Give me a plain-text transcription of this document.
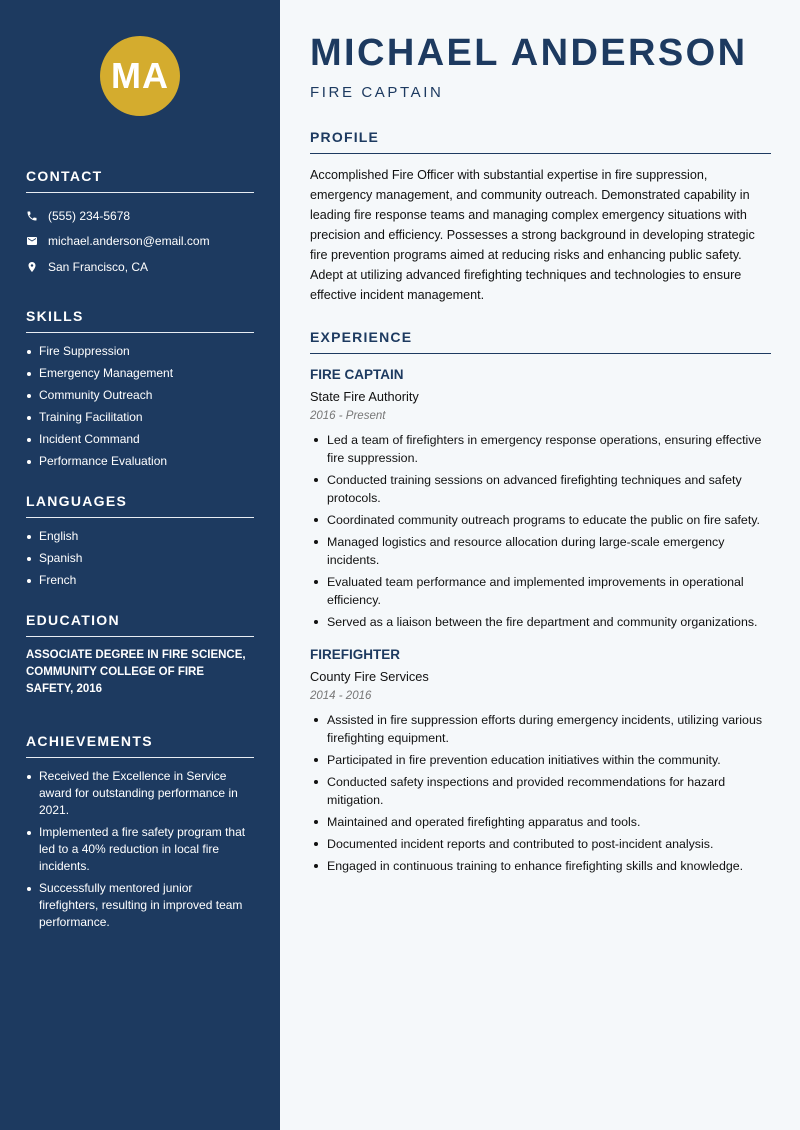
MA
CONTACT
(555) 234-5678
michael.anderson@email.com
San Francisco, CA
SKILLS
Fire Suppression
Emergency Management
Community Outreach
Training Facilitation
Incident Command
Performance Evaluation
LANGUAGES
English
Spanish
French
EDUCATION

ASSOCIATE DEGREE IN FIRE SCIENCE, COMMUNITY COLLEGE OF FIRE SAFETY, 2016

ACHIEVEMENTS
Received the Excellence in Service award for outstanding performance in 2021.
Implemented a fire safety program that led to a 40% reduction in local fire incidents.
Successfully mentored junior firefighters, resulting in improved team performance.
MICHAEL ANDERSON
FIRE CAPTAIN
PROFILE

Accomplished Fire Officer with substantial expertise in fire suppression, emergency management, and community outreach. Demonstrated capability in leading fire response teams and managing complex emergency situations with precision and efficiency. Possesses a strong background in developing strategic fire prevention programs aimed at reducing risks and enhancing public safety. Adept at utilizing advanced firefighting techniques and technologies to ensure effective incident management.

EXPERIENCE
FIRE CAPTAIN
State Fire Authority
2016 - Present
Led a team of firefighters in emergency response operations, ensuring effective fire suppression.
Conducted training sessions on advanced firefighting techniques and safety protocols.
Coordinated community outreach programs to educate the public on fire safety.
Managed logistics and resource allocation during large-scale emergency incidents.
Evaluated team performance and implemented improvements in operational efficiency.
Served as a liaison between the fire department and community organizations.
FIREFIGHTER
County Fire Services
2014 - 2016
Assisted in fire suppression efforts during emergency incidents, utilizing various firefighting equipment.
Participated in fire prevention education initiatives within the community.
Conducted safety inspections and provided recommendations for hazard mitigation.
Maintained and operated firefighting apparatus and tools.
Documented incident reports and contributed to post-incident analysis.
Engaged in continuous training to enhance firefighting skills and knowledge.
